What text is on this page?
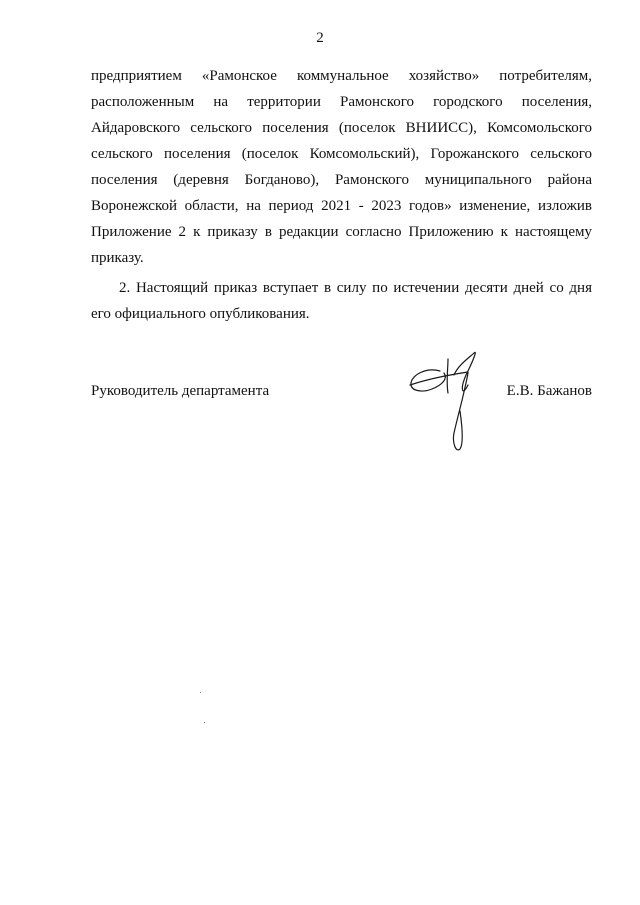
2
предприятием «Рамонское коммунальное хозяйство» потребителям,
расположенным на территории Рамонского городского поселения,
Айдаровского сельского поселения (поселок ВНИИСС), Комсомольского
сельского поселения (поселок Комсомольский), Горожанского сельского
поселения (деревня Богданово), Рамонского муниципального района
Воронежской области, на период 2021 - 2023 годов» изменение, изложив
Приложение 2 к приказу в редакции согласно Приложению к настоящему
приказу.
2. Настоящий приказ вступает в силу по истечении десяти дней со дня
его официального опубликования.
Руководитель департамента	Е.В. Бажанов
